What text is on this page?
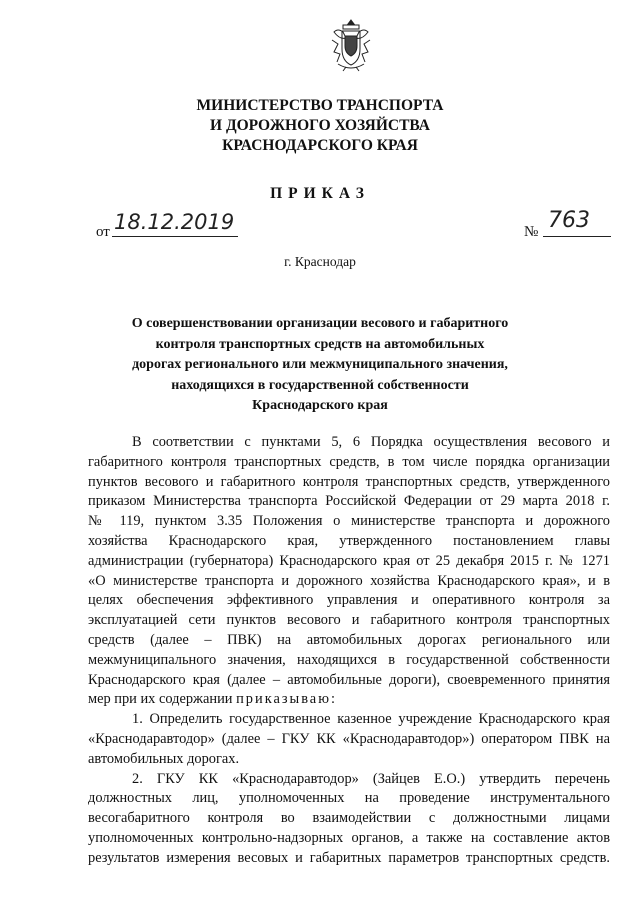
МИНИСТЕРСТВО ТРАНСПОРТА
И ДОРОЖНОГО ХОЗЯЙСТВА
КРАСНОДАРСКОГО КРАЯ
ПРИКАЗ
от 18.12.2019	№ 763
г. Краснодар
О совершенствовании организации весового и габаритного
контроля транспортных средств на автомобильных
дорогах регионального или межмуниципального значения,
находящихся в государственной собственности
Краснодарского края
В соответствии с пунктами 5, 6 Порядка осуществления весового и
габаритного контроля транспортных средств, в том числе порядка организации
пунктов весового и габаритного контроля транспортных средств, утвержденного
приказом Министерства транспорта Российской Федерации от 29 марта 2018 г.
№ 119, пунктом 3.35 Положения о министерстве транспорта и дорожного
хозяйства Краснодарского края, утвержденного постановлением главы
администрации (губернатора) Краснодарского края от 25 декабря 2015 г. № 1271
«О министерстве транспорта и дорожного хозяйства Краснодарского края», и в
целях обеспечения эффективного управления и оперативного контроля за
эксплуатацией сети пунктов весового и габаритного контроля транспортных
средств (далее – ПВК) на автомобильных дорогах регионального или
межмуниципального значения, находящихся в государственной собственности
Краснодарского края (далее – автомобильные дороги), своевременного принятия
мер при их содержании приказываю:
1. Определить государственное казенное учреждение Краснодарского края
«Краснодаравтодор» (далее – ГКУ КК «Краснодаравтодор») оператором ПВК на
автомобильных дорогах.
2. ГКУ КК «Краснодаравтодор» (Зайцев Е.О.) утвердить перечень
должностных лиц, уполномоченных на проведение инструментального
весогабаритного контроля во взаимодействии с должностными лицами
уполномоченных контрольно-надзорных органов, а также на составление актов
результатов измерения весовых и габаритных параметров транспортных средств.
